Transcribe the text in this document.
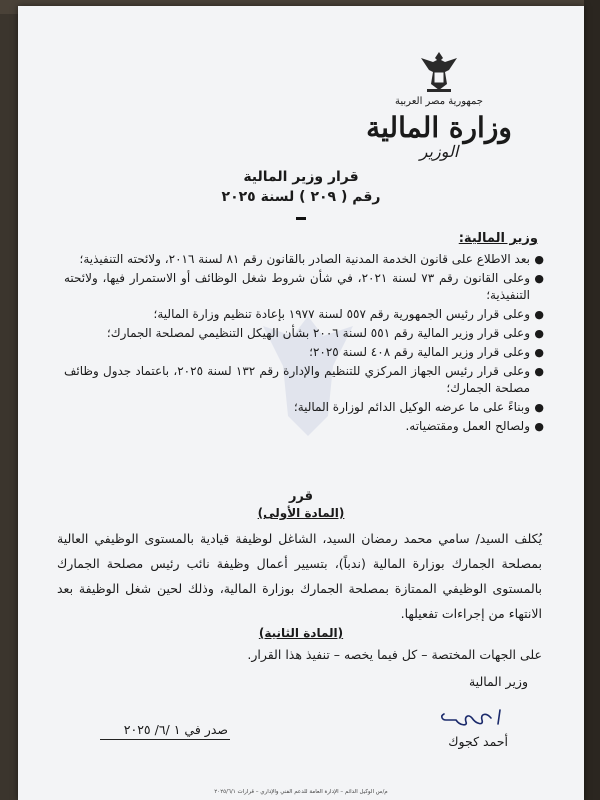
جمهورية مصر العربية
وزارة المالية
الوزير
قرار وزير المالية
رقم ( ٢٠٩ ) لسنة ٢٠٢٥
وزير المالية:
●
بعد الاطلاع على قانون الخدمة المدنية الصادر بالقانون رقم ٨١ لسنة ٢٠١٦، ولائحته التنفيذية؛
●
وعلى القانون رقم ٧٣ لسنة ٢٠٢١، في شأن شروط شغل الوظائف أو الاستمرار فيها، ولائحته التنفيذية؛
●
وعلى قرار رئيس الجمهورية رقم ٥٥٧ لسنة ١٩٧٧ بإعادة تنظيم وزارة المالية؛
●
وعلى قرار وزير المالية رقم ٥٥١ لسنة ٢٠٠٦ بشأن الهيكل التنظيمي لمصلحة الجمارك؛
●
وعلى قرار وزير المالية رقم ٤٠٨ لسنة ٢٠٢٥؛
●
وعلى قرار رئيس الجهاز المركزي للتنظيم والإدارة رقم ١٣٢ لسنة ٢٠٢٥، باعتماد جدول وظائف مصلحة الجمارك؛
●
وبناءً على ما عرضه الوكيل الدائم لوزارة المالية؛
●
ولصالح العمل ومقتضياته.
قرر
(المادة الأولى)
يُكلف السيد/ سامي محمد رمضان السيد، الشاغل لوظيفة قيادية بالمستوى الوظيفي العالية بمصلحة الجمارك بوزارة المالية (ندباً)، بتسيير أعمال وظيفة نائب رئيس مصلحة الجمارك بالمستوى الوظيفي الممتازة بمصلحة الجمارك بوزارة المالية، وذلك لحين شغل الوظيفة بعد الانتهاء من إجراءات تفعيلها.
(المادة الثانية)
على الجهات المختصة – كل فيما يخصه – تنفيذ هذا القرار.
وزير المالية
أحمد كجوك
صدر في ١ /٦/ ٢٠٢٥
م/س الوكيل الدائم – الإدارة العامة للدعم الفني والإداري – قرارات ٢٠٢٥/٦/١
